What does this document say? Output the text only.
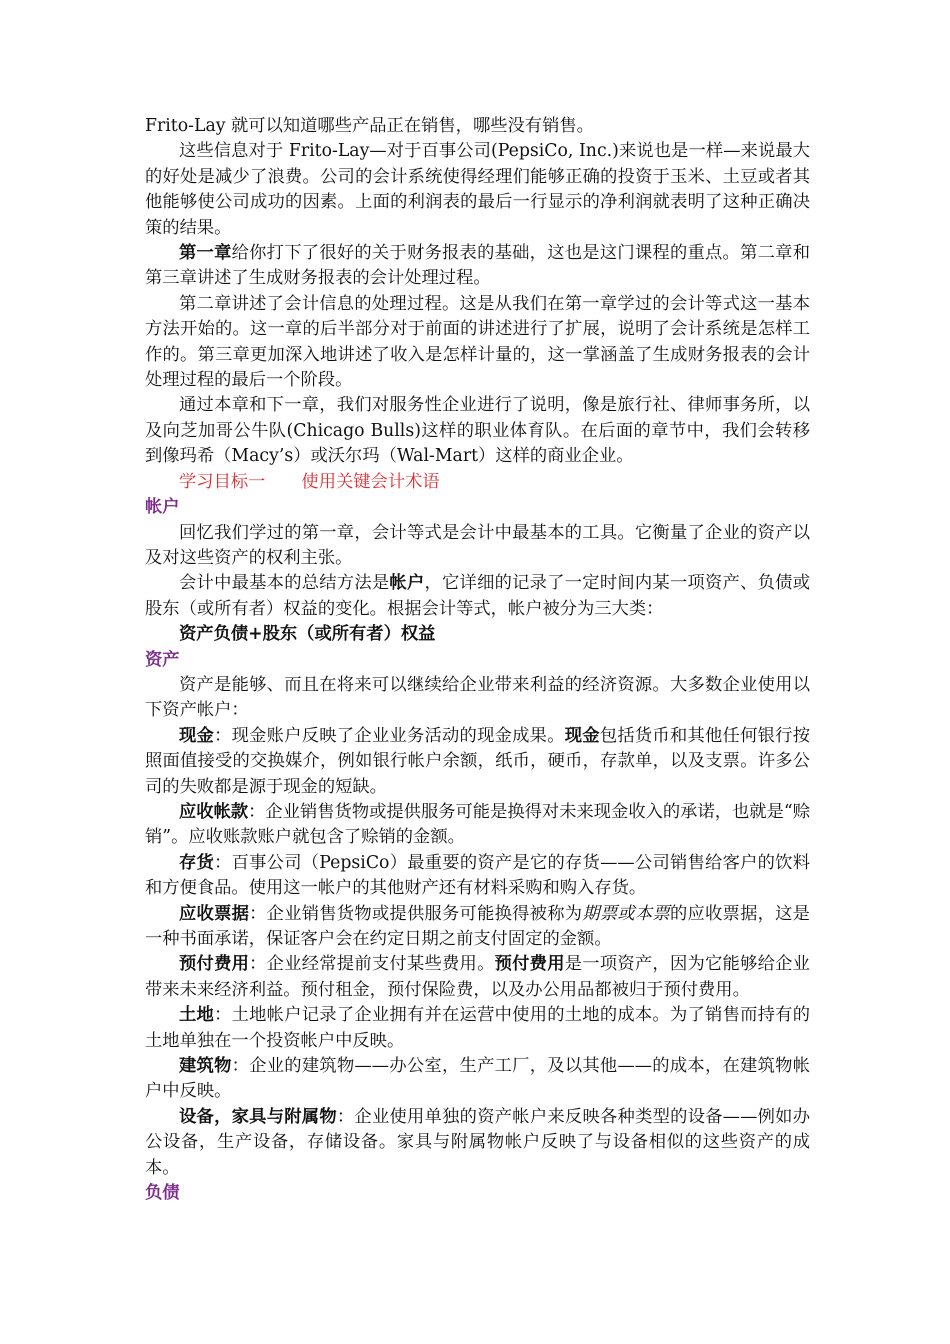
Frito-Lay 就可以知道哪些产品正在销售，哪些没有销售。

这些信息对于 Frito-Lay—对于百事公司(PepsiCo, Inc.)来说也是一样—来说最大的好处是减少了浪费。公司的会计系统使得经理们能够正确的投资于玉米、土豆或者其他能够使公司成功的因素。上面的利润表的最后一行显示的净利润就表明了这种正确决策的结果。

第一章给你打下了很好的关于财务报表的基础，这也是这门课程的重点。第二章和第三章讲述了生成财务报表的会计处理过程。

第二章讲述了会计信息的处理过程。这是从我们在第一章学过的会计等式这一基本方法开始的。这一章的后半部分对于前面的讲述进行了扩展，说明了会计系统是怎样工作的。第三章更加深入地讲述了收入是怎样计量的，这一掌涵盖了生成财务报表的会计处理过程的最后一个阶段。

通过本章和下一章，我们对服务性企业进行了说明，像是旅行社、律师事务所，以及向芝加哥公牛队(Chicago Bulls)这样的职业体育队。在后面的章节中，我们会转移到像玛希（Macy’s）或沃尔玛（Wal-Mart）这样的商业企业。

学习目标一 使用关键会计术语
帐户

回忆我们学过的第一章，会计等式是会计中最基本的工具。它衡量了企业的资产以及对这些资产的权利主张。

会计中最基本的总结方法是帐户，它详细的记录了一定时间内某一项资产、负债或股东（或所有者）权益的变化。根据会计等式，帐户被分为三大类：

资产负债+股东（或所有者）权益

资产

资产是能够、而且在将来可以继续给企业带来利益的经济资源。大多数企业使用以下资产帐户：

现金：现金账户反映了企业业务活动的现金成果。现金包括货币和其他任何银行按照面值接受的交换媒介，例如银行帐户余额，纸币，硬币，存款单，以及支票。许多公司的失败都是源于现金的短缺。

应收帐款：企业销售货物或提供服务可能是换得对未来现金收入的承诺，也就是“赊销”。应收账款账户就包含了赊销的金额。

存货：百事公司（PepsiCo）最重要的资产是它的存货——公司销售给客户的饮料和方便食品。使用这一帐户的其他财产还有材料采购和购入存货。

应收票据：企业销售货物或提供服务可能换得被称为期票或本票的应收票据，这是一种书面承诺，保证客户会在约定日期之前支付固定的金额。

预付费用：企业经常提前支付某些费用。预付费用是一项资产，因为它能够给企业带来未来经济利益。预付租金，预付保险费，以及办公用品都被归于预付费用。

土地：土地帐户记录了企业拥有并在运营中使用的土地的成本。为了销售而持有的土地单独在一个投资帐户中反映。

建筑物：企业的建筑物——办公室，生产工厂，及以其他——的成本，在建筑物帐户中反映。

设备，家具与附属物：企业使用单独的资产帐户来反映各种类型的设备——例如办公设备，生产设备，存储设备。家具与附属物帐户反映了与设备相似的这些资产的成本。

负债
